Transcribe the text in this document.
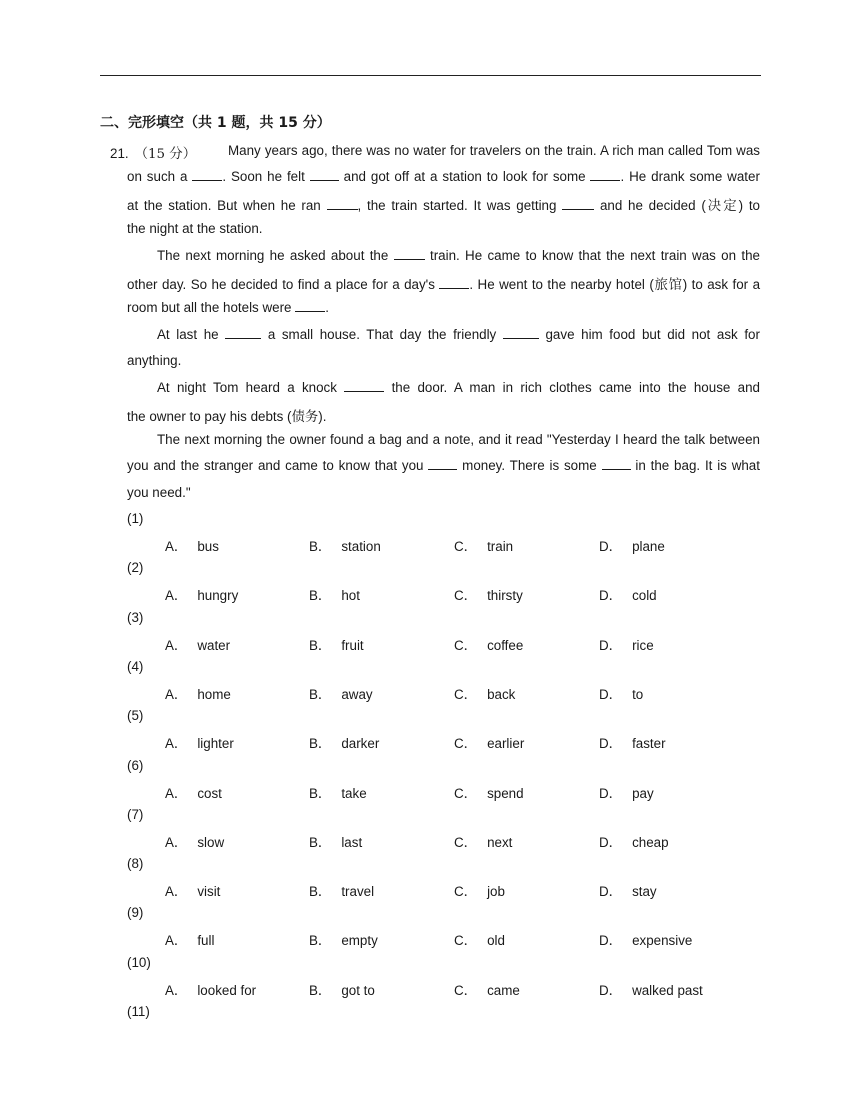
二、完形填空（共 1 题，共 15 分）
21. （15 分） Many years ago, there was no water for travelers on the train. A rich man called Tom was
on such a	. Soon he felt	and got off at a station to look for some	. He drank some water
at the station. But when he ran	, the train started. It was getting	and he decided (决定) to
the night at the station.
The next morning he asked about the	train. He came to know that the next train was on the
other day. So he decided to find a place for a day's	. He went to the nearby hotel (旅馆) to ask for a
room but all the hotels were	.
At last he	a small house. That day the friendly	gave him food but did not ask for
anything.
At night Tom heard a knock	the door. A man in rich clothes came into the house and
the owner to pay his debts (债务).
The next morning the owner found a bag and a note, and it read "Yesterday I heard the talk between
you and the stranger and came to know that you	money. There is some	in the bag. It is what
you need."
(1)
A． bus	B． station	C． train	D． plane
(2)
A． hungry	B． hot	C． thirsty	D． cold
(3)
A． water	B． fruit	C． coffee	D． rice
(4)
A． home	B． away	C． back	D． to
(5)
A． lighter	B． darker	C． earlier	D． faster
(6)
A． cost	B． take	C． spend	D． pay
(7)
A． slow	B． last	C． next	D． cheap
(8)
A． visit	B． travel	C． job	D． stay
(9)
A． full	B． empty	C． old	D． expensive
(10)
A． looked for	B． got to	C． came	D． walked past
(11)
